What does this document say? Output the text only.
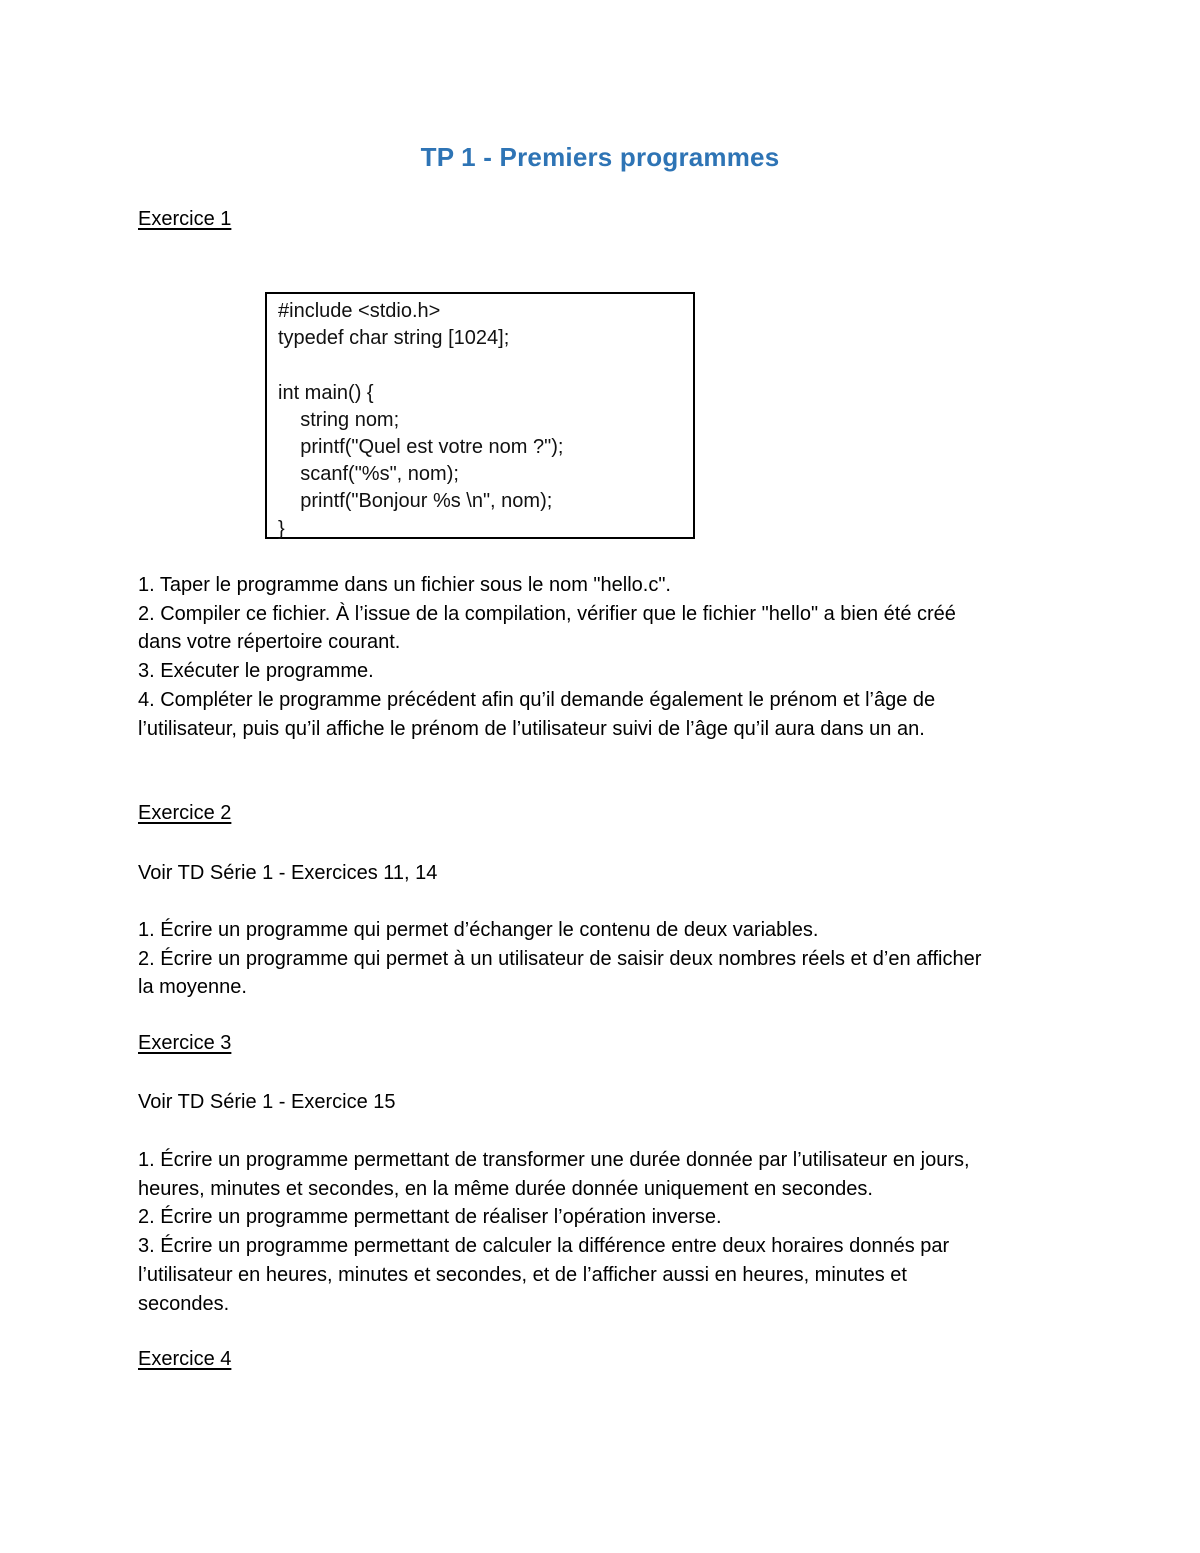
TP 1 - Premiers programmes
Exercice 1
#include <stdio.h>
typedef char string [1024];
int main() {
string nom;
printf("Quel est votre nom ?");
scanf("%s", nom);
printf("Bonjour %s \n", nom);
}
1. Taper le programme dans un fichier sous le nom "hello.c".
2. Compiler ce fichier. À l’issue de la compilation, vérifier que le fichier "hello" a bien été créé
dans votre répertoire courant.
3. Exécuter le programme.
4. Compléter le programme précédent afin qu’il demande également le prénom et l’âge de
l’utilisateur, puis qu’il affiche le prénom de l’utilisateur suivi de l’âge qu’il aura dans un an.
Exercice 2
Voir TD Série 1 - Exercices 11, 14
1. Écrire un programme qui permet d’échanger le contenu de deux variables.
2. Écrire un programme qui permet à un utilisateur de saisir deux nombres réels et d’en afficher
la moyenne.
Exercice 3
Voir TD Série 1 - Exercice 15
1. Écrire un programme permettant de transformer une durée donnée par l’utilisateur en jours,
heures, minutes et secondes, en la même durée donnée uniquement en secondes.
2. Écrire un programme permettant de réaliser l’opération inverse.
3. Écrire un programme permettant de calculer la différence entre deux horaires donnés par
l’utilisateur en heures, minutes et secondes, et de l’afficher aussi en heures, minutes et
secondes.
Exercice 4
